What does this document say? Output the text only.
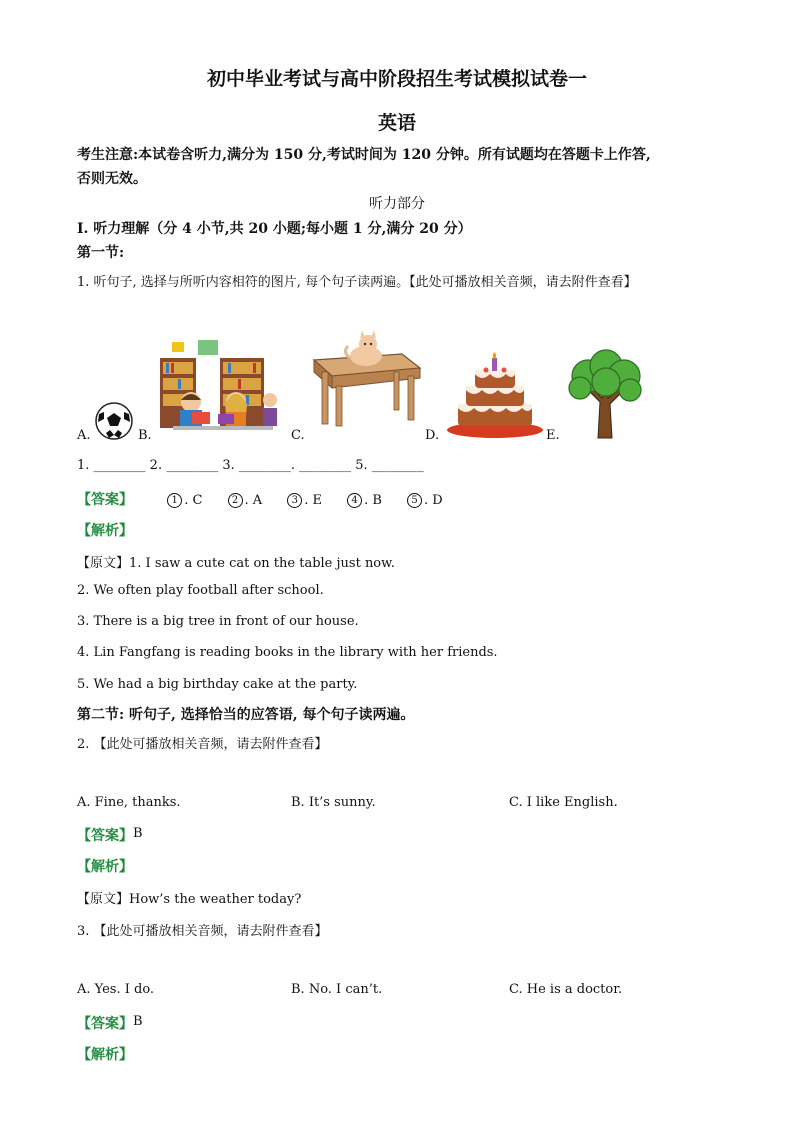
初中毕业考试与高中阶段招生考试模拟试卷一
英语
考生注意:本试卷含听力,满分为 150 分,考试时间为 120 分钟。所有试题均在答题卡上作答,
否则无效。
听力部分
I. 听力理解（分 4 小节,共 20 小题;每小题 1 分,满分 20 分）
第一节:
1. 听句子, 选择与所听内容相符的图片, 每个句子读两遍。【此处可播放相关音频，请去附件查看】
A.	B.	C.	D.	E.
1. ________ 2. ________ 3. ________. ________ 5. ________
【答案】	1 . C	2 . A	3 . E	4 . B	5 . D
【解析】
【原文】1. I saw a cute cat on the table just now.
2. We often play football after school.
3. There is a big tree in front of our house.
4. Lin Fangfang is reading books in the library with her friends.
5. We had a big birthday cake at the party.
第二节: 听句子, 选择恰当的应答语, 每个句子读两遍。
2. 【此处可播放相关音频，请去附件查看】
A. Fine, thanks.	B. It’s sunny.	C. I like English.
【答案】 B
【解析】
【原文】How’s the weather today?
3. 【此处可播放相关音频，请去附件查看】
A. Yes. I do.	B. No. I can’t.	C. He is a doctor.
【答案】 B
【解析】
